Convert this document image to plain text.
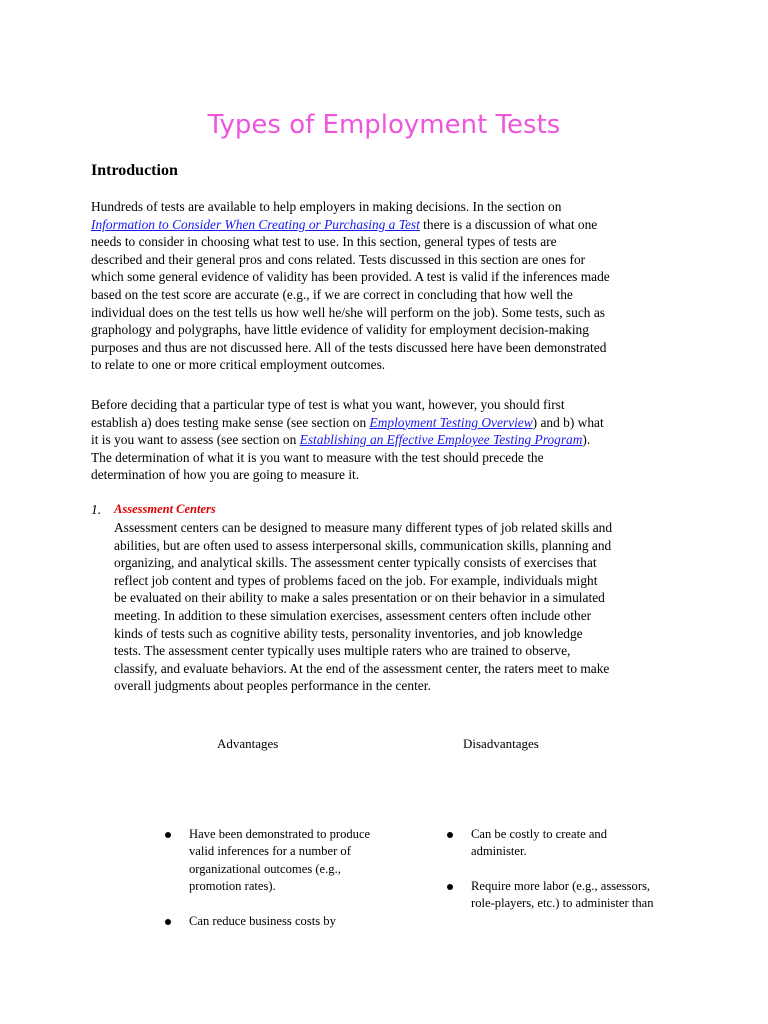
Types of Employment Tests
Introduction

Hundreds of tests are available to help employers in making decisions. In the section on
Information to Consider When Creating or Purchasing a Test there is a discussion of what one
needs to consider in choosing what test to use. In this section, general types of tests are
described and their general pros and cons related. Tests discussed in this section are ones for
which some general evidence of validity has been provided. A test is valid if the inferences made
based on the test score are accurate (e.g., if we are correct in concluding that how well the
individual does on the test tells us how well he/she will perform on the job). Some tests, such as
graphology and polygraphs, have little evidence of validity for employment decision-making
purposes and thus are not discussed here. All of the tests discussed here have been demonstrated
to relate to one or more critical employment outcomes.

Before deciding that a particular type of test is what you want, however, you should first
establish a) does testing make sense (see section on Employment Testing Overview) and b) what
it is you want to assess (see section on Establishing an Effective Employee Testing Program).
The determination of what it is you want to measure with the test should precede the
determination of how you are going to measure it.

1. Assessment Centers
Assessment centers can be designed to measure many different types of job related skills and
abilities, but are often used to assess interpersonal skills, communication skills, planning and
organizing, and analytical skills. The assessment center typically consists of exercises that
reflect job content and types of problems faced on the job. For example, individuals might
be evaluated on their ability to make a sales presentation or on their behavior in a simulated
meeting. In addition to these simulation exercises, assessment centers often include other
kinds of tests such as cognitive ability tests, personality inventories, and job knowledge
tests. The assessment center typically uses multiple raters who are trained to observe,
classify, and evaluate behaviors. At the end of the assessment center, the raters meet to make
overall judgments about peoples performance in the center.
Advantages	Disadvantages
Have been demonstrated to produce
valid inferences for a number of
organizational outcomes (e.g.,
promotion rates).
Can reduce business costs by
Can be costly to create and
administer.
Require more labor (e.g., assessors,
role-players, etc.) to administer than
